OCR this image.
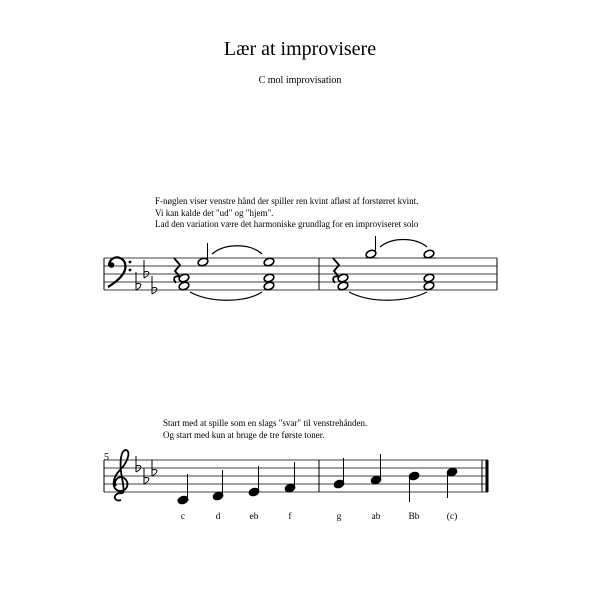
Lær at improvisere
C mol improvisation
F-nøglen viser venstre hånd der spiller ren kvint afløst af forstørret kvint.
Vi kan kalde det "ud" og "hjem".
Lad den variation være det harmoniske grundlag for en improviseret solo
Start med at spille som en slags "svar" til venstrehånden.
Og start med kun at bruge de tre første toner.
5
c	d	eb	f	g	ab	Bb	(c)
